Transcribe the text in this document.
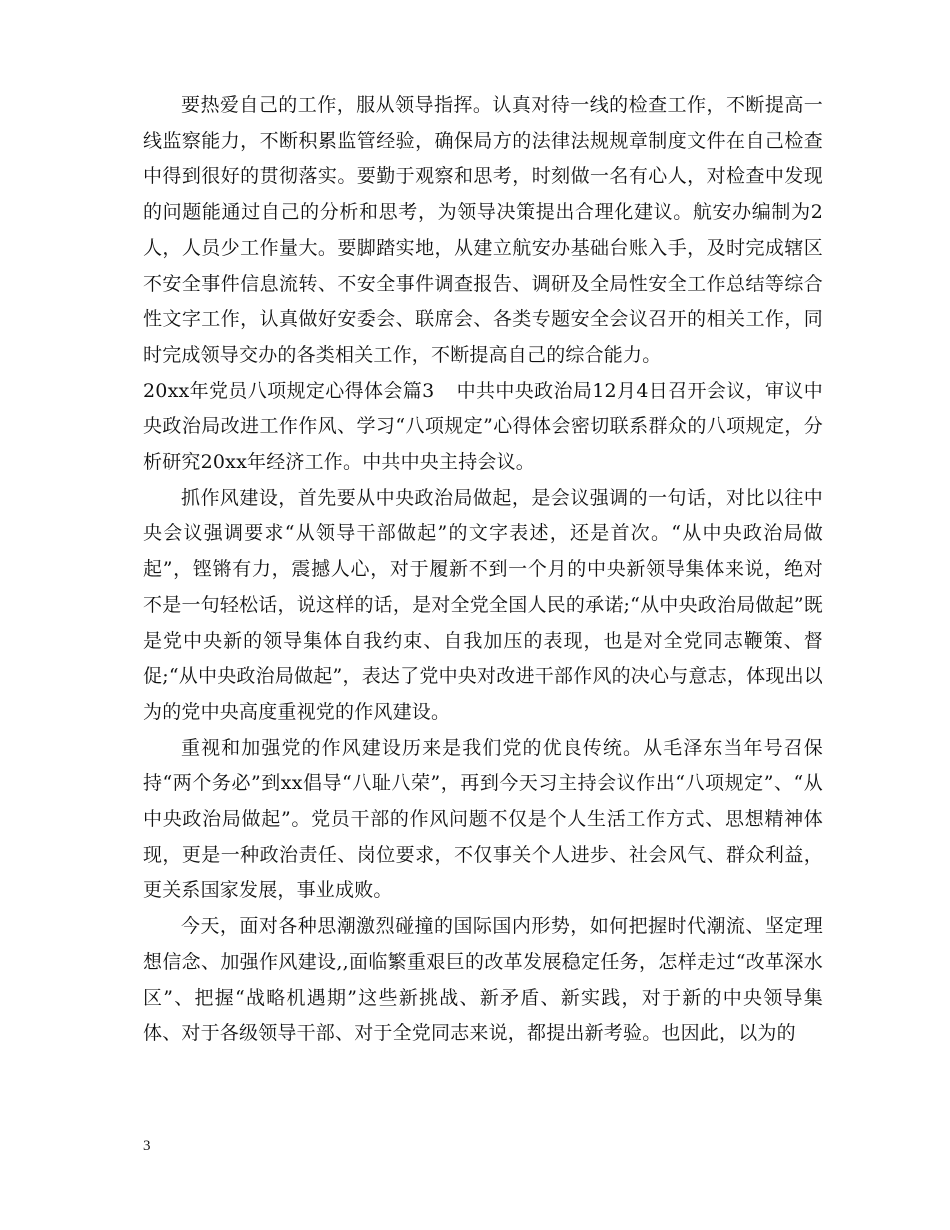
要热爱自己的工作，服从领导指挥。认真对待一线的检查工作，不断提高一线监察能力，不断积累监管经验，确保局方的法律法规规章制度文件在自己检查中得到很好的贯彻落实。要勤于观察和思考，时刻做一名有心人，对检查中发现的问题能通过自己的分析和思考，为领导决策提出合理化建议。航安办编制为2人，人员少工作量大。要脚踏实地，从建立航安办基础台账入手，及时完成辖区不安全事件信息流转、不安全事件调查报告、调研及全局性安全工作总结等综合性文字工作，认真做好安委会、联席会、各类专题安全会议召开的相关工作，同时完成领导交办的各类相关工作，不断提高自己的综合能力。

20xx年党员八项规定心得体会篇3 中共中央政治局12月4日召开会议，审议中央政治局改进工作作风、学习“八项规定”心得体会密切联系群众的八项规定，分析研究20xx年经济工作。中共中央主持会议。

抓作风建设，首先要从中央政治局做起，是会议强调的一句话，对比以往中央会议强调要求“从领导干部做起”的文字表述，还是首次。“从中央政治局做起”，铿锵有力，震撼人心，对于履新不到一个月的中央新领导集体来说，绝对不是一句轻松话，说这样的话，是对全党全国人民的承诺;“从中央政治局做起”既是党中央新的领导集体自我约束、自我加压的表现，也是对全党同志鞭策、督促;“从中央政治局做起”，表达了党中央对改进干部作风的决心与意志，体现出以为的党中央高度重视党的作风建设。

重视和加强党的作风建设历来是我们党的优良传统。从毛泽东当年号召保持“两个务必”到xx倡导“八耻八荣”，再到今天习主持会议作出“八项规定”、“从中央政治局做起”。党员干部的作风问题不仅是个人生活工作方式、思想精神体现，更是一种政治责任、岗位要求，不仅事关个人进步、社会风气、群众利益，更关系国家发展，事业成败。

今天，面对各种思潮激烈碰撞的国际国内形势，如何把握时代潮流、坚定理想信念、加强作风建设,,面临繁重艰巨的改革发展稳定任务，怎样走过“改革深水区”、把握“战略机遇期”这些新挑战、新矛盾、新实践，对于新的中央领导集体、对于各级领导干部、对于全党同志来说，都提出新考验。也因此，以为的

3
